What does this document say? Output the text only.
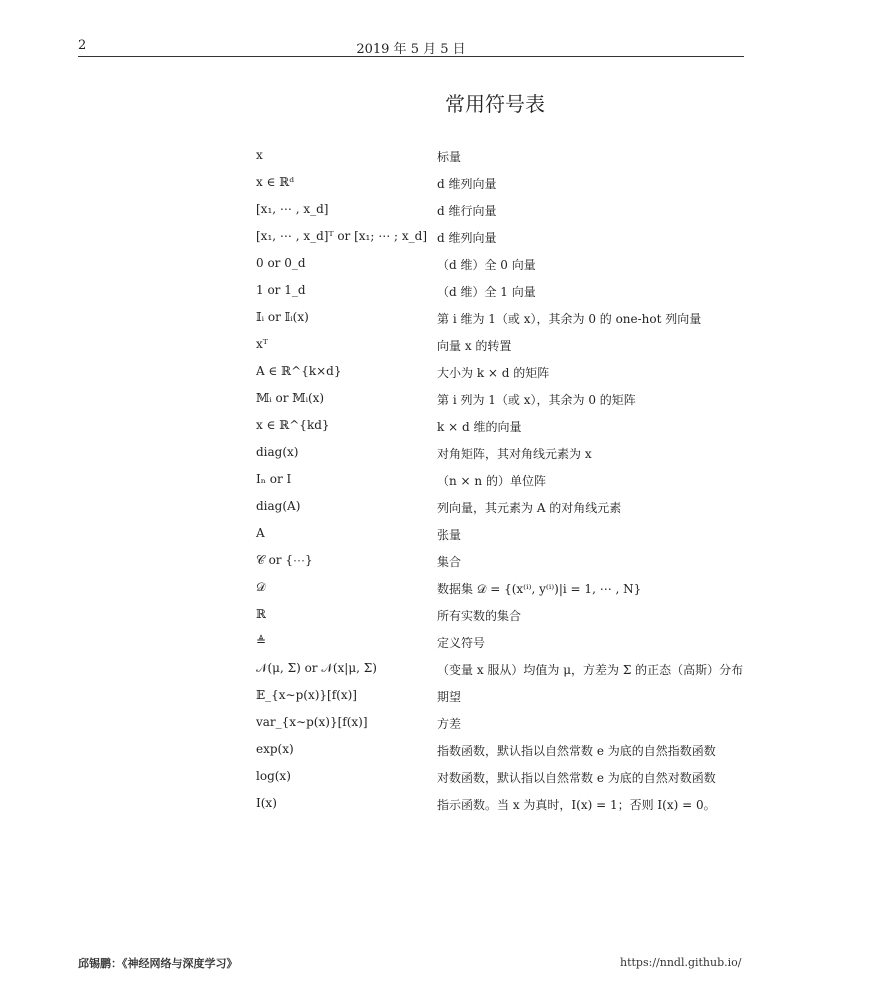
2	2019 年 5 月 5 日
常用符号表
x	标量
x ∈ ℝᵈ	d 维列向量
[x₁, ⋯ , x_d]	d 维行向量
[x₁, ⋯ , x_d]ᵀ or [x₁; ⋯ ; x_d] d 维列向量
0 or 0_d	（d 维）全 0 向量
1 or 1_d	（d 维）全 1 向量
𝕀ᵢ or 𝕀ᵢ(x)	第 i 维为 1（或 x），其余为 0 的 one-hot 列向量
xᵀ	向量 x 的转置
A ∈ ℝ^{k×d}	大小为 k × d 的矩阵
𝕄ᵢ or 𝕄ᵢ(x)	第 i 列为 1（或 x），其余为 0 的矩阵
x ∈ ℝ^{kd}	k × d 维的向量
diag(x)	对角矩阵，其对角线元素为 x
Iₙ or I	（n × n 的）单位阵
diag(A)	列向量，其元素为 A 的对角线元素
A	张量
𝒞 or {⋯}	集合
𝒟	数据集 𝒟 = {(x⁽ⁱ⁾, y⁽ⁱ⁾)|i = 1, ⋯ , N}
ℝ	所有实数的集合
≜	定义符号
𝒩(μ, Σ) or 𝒩(x|μ, Σ)	（变量 x 服从）均值为 μ，方差为 Σ 的正态（高斯）分布
𝔼_{x∼p(x)}[f(x)]	期望
var_{x∼p(x)}[f(x)]	方差
exp(x)	指数函数，默认指以自然常数 e 为底的自然指数函数
log(x)	对数函数，默认指以自然常数 e 为底的自然对数函数
I(x)	指示函数。当 x 为真时，I(x) = 1；否则 I(x) = 0。
邱锡鹏：《神经网络与深度学习》	https://nndl.github.io/
